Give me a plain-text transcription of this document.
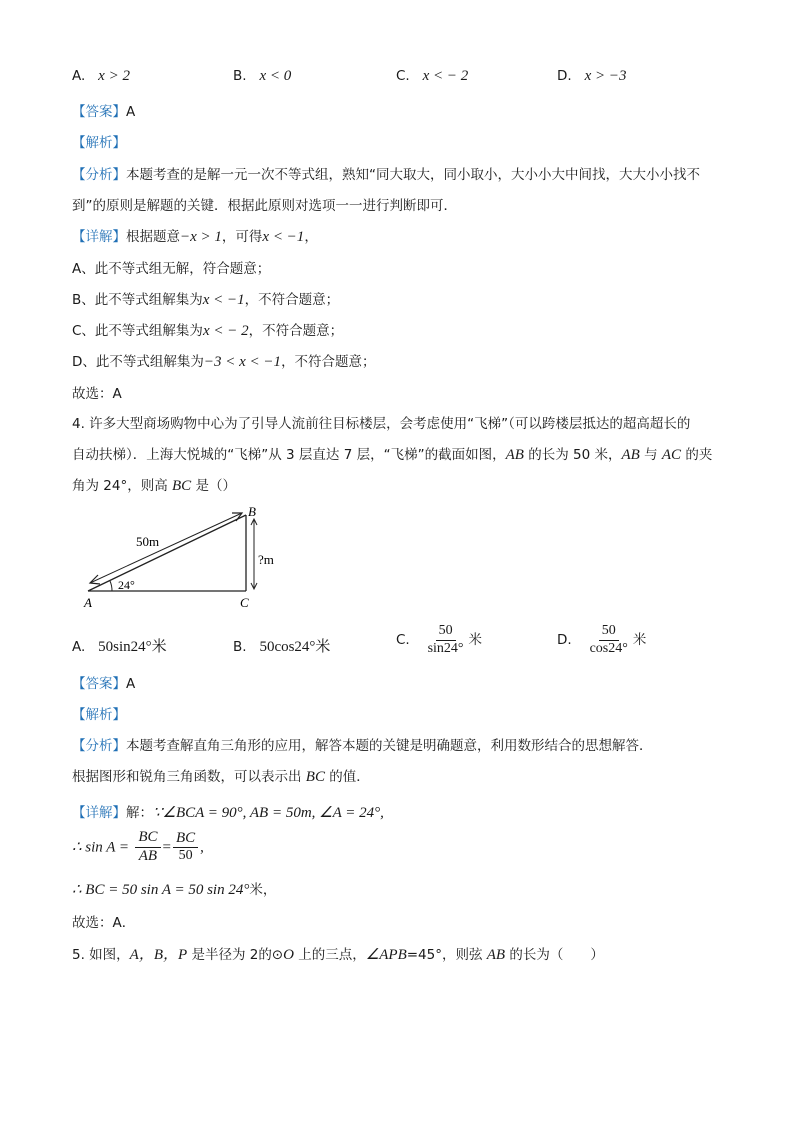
A. x > 2	B. x < 0	C. x < − 2	D. x > −3
【答案】A
【解析】
【分析】本题考查的是解一元一次不等式组，熟知“同大取大，同小取小，大小小大中间找，大大小小找不
到”的原则是解题的关键．根据此原则对选项一一进行判断即可．
【详解】根据题意−x > 1，可得x < −1，
A、此不等式组无解，符合题意；
B、此不等式组解集为x < −1，不符合题意；
C、此不等式组解集为x < − 2，不符合题意；
D、此不等式组解集为−3 < x < −1，不符合题意；
故选：A
4. 许多大型商场购物中心为了引导人流前往目标楼层，会考虑使用“飞梯”（可以跨楼层抵达的超高超长的
自动扶梯）．上海大悦城的“飞梯”从 3 层直达 7 层，“飞梯”的截面如图，AB 的长为 50 米，AB 与 AC 的夹
角为 24°，则高 BC 是（）
A
B
C
50m
?m
24°
A. 50sin24°米	B. 50cos24°米	C. $\frac{50}{\sin 24^\circ}$ 米	D. $\frac{50}{\cos 24^\circ}$ 米
【答案】A
【解析】
【分析】本题考查解直角三角形的应用，解答本题的关键是明确题意，利用数形结合的思想解答．
根据图形和锐角三角函数，可以表示出 BC 的值．
【详解】解：∵∠BCA = 90°, AB = 50m, ∠A = 24°,
∴ $\sin A = \frac{BC}{AB} = \frac{BC}{50}$ ,
∴ BC = 50 sin A = 50 sin 24°米，
故选：A．
5. 如图，A，B，P 是半径为 2的⊙O 上的三点，∠APB=45°，则弦 AB 的长为（　　）
